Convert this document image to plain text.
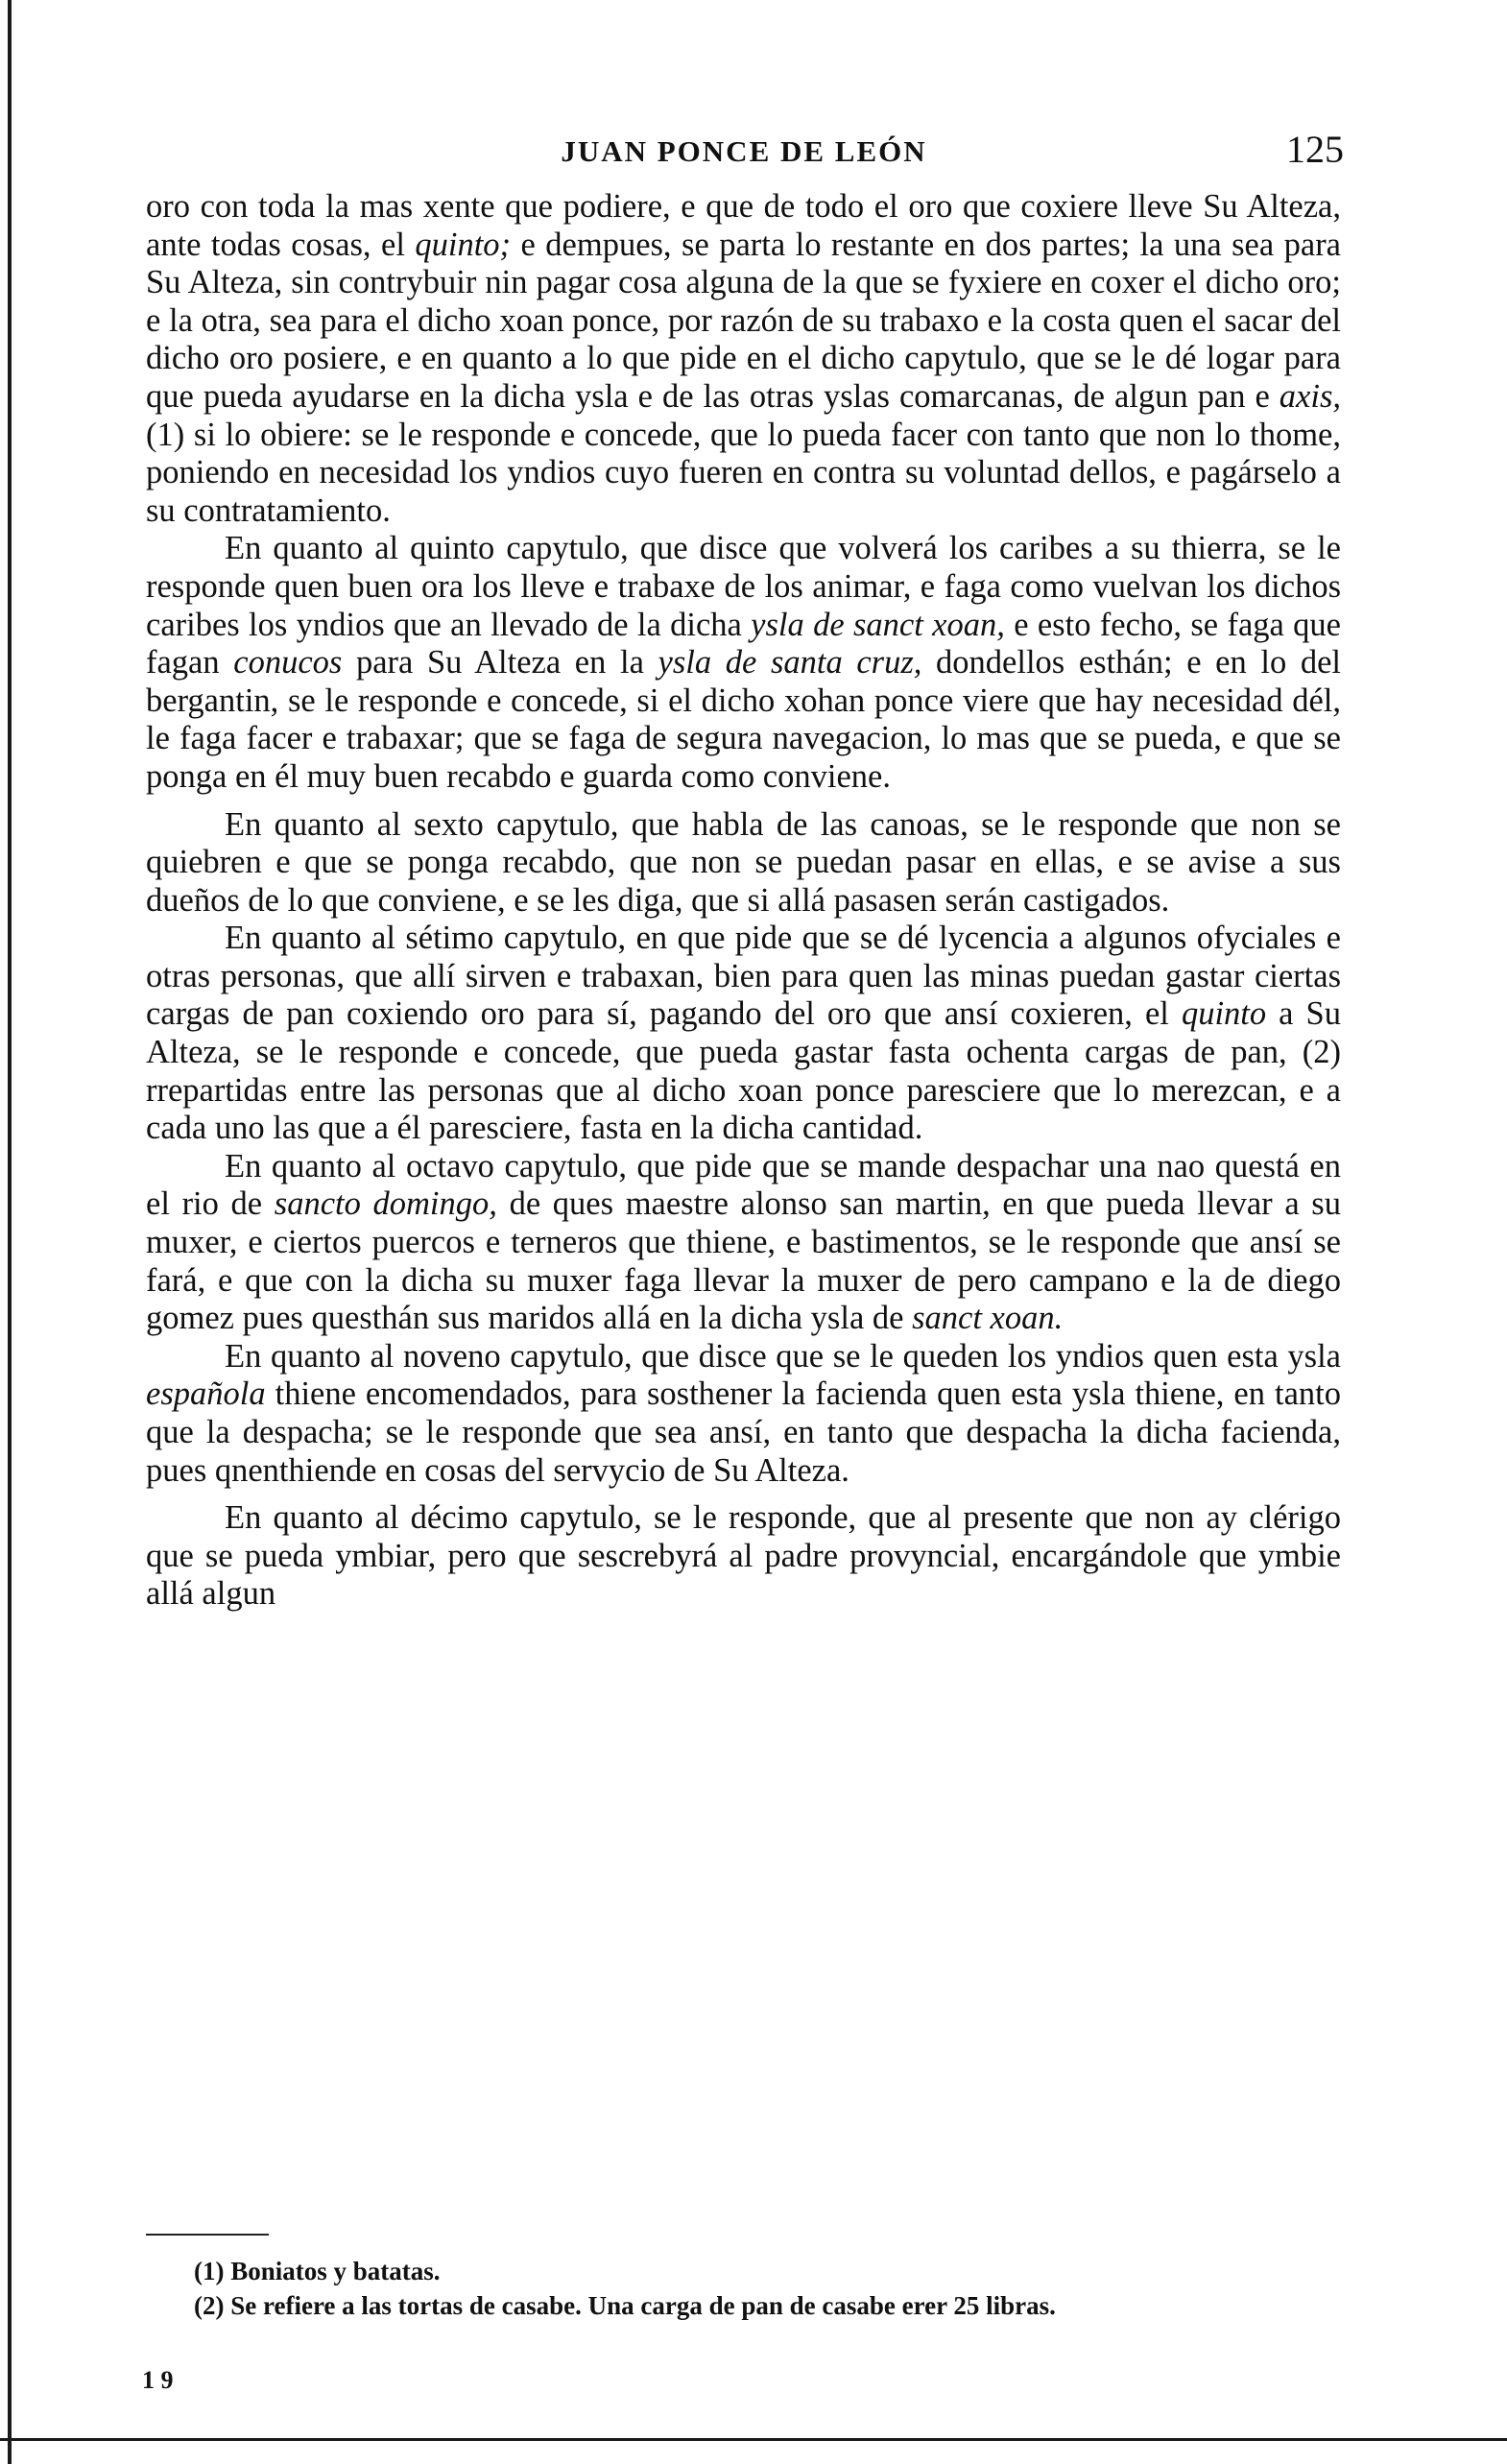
JUAN PONCE DE LEÓN	125

oro con toda la mas xente que podiere, e que de todo el oro que coxiere lleve Su Alteza, ante todas cosas, el quinto; e dempues, se parta lo restante en dos partes; la una sea para Su Alteza, sin contrybuir nin pagar cosa alguna de la que se fyxiere en coxer el dicho oro; e la otra, sea para el dicho xoan ponce, por razón de su trabaxo e la costa quen el sacar del dicho oro posiere, e en quanto a lo que pide en el dicho capytulo, que se le dé logar para que pueda ayudarse en la dicha ysla e de las otras yslas comarcanas, de algun pan e axis, (1) si lo obiere: se le responde e concede, que lo pueda facer con tanto que non lo thome, poniendo en necesidad los yndios cuyo fueren en contra su voluntad dellos, e pagárselo a su contratamiento.

En quanto al quinto capytulo, que disce que volverá los caribes a su thierra, se le responde quen buen ora los lleve e trabaxe de los animar, e faga como vuelvan los dichos caribes los yndios que an llevado de la dicha ysla de sanct xoan, e esto fecho, se faga que fagan conucos para Su Alteza en la ysla de santa cruz, dondellos esthán; e en lo del bergantin, se le responde e concede, si el dicho xohan ponce viere que hay necesidad dél, le faga facer e trabaxar; que se faga de segura navegacion, lo mas que se pueda, e que se ponga en él muy buen recabdo e guarda como conviene.

En quanto al sexto capytulo, que habla de las canoas, se le responde que non se quiebren e que se ponga recabdo, que non se puedan pasar en ellas, e se avise a sus dueños de lo que conviene, e se les diga, que si allá pasasen serán castigados.

En quanto al sétimo capytulo, en que pide que se dé lycencia a algunos ofyciales e otras personas, que allí sirven e trabaxan, bien para quen las minas puedan gastar ciertas cargas de pan coxiendo oro para sí, pagando del oro que ansí coxieren, el quinto a Su Alteza, se le responde e concede, que pueda gastar fasta ochenta cargas de pan, (2) rrepartidas entre las personas que al dicho xoan ponce paresciere que lo merezcan, e a cada uno las que a él paresciere, fasta en la dicha cantidad.

En quanto al octavo capytulo, que pide que se mande despachar una nao questá en el rio de sancto domingo, de ques maestre alonso san martin, en que pueda llevar a su muxer, e ciertos puercos e terneros que thiene, e bastimentos, se le responde que ansí se fará, e que con la dicha su muxer faga llevar la muxer de pero campano e la de diego gomez pues questhán sus maridos allá en la dicha ysla de sanct xoan.

En quanto al noveno capytulo, que disce que se le queden los yndios quen esta ysla española thiene encomendados, para sosthener la facienda quen esta ysla thiene, en tanto que la despacha; se le responde que sea ansí, en tanto que despacha la dicha facienda, pues qnenthiende en cosas del servycio de Su Alteza.

En quanto al décimo capytulo, se le responde, que al presente que non ay clérigo que se pueda ymbiar, pero que sescrebyrá al padre provyncial, encargándole que ymbie allá algun

(1) Boniatos y batatas.

(2) Se refiere a las tortas de casabe. Una carga de pan de casabe erer 25 libras.

1 9
